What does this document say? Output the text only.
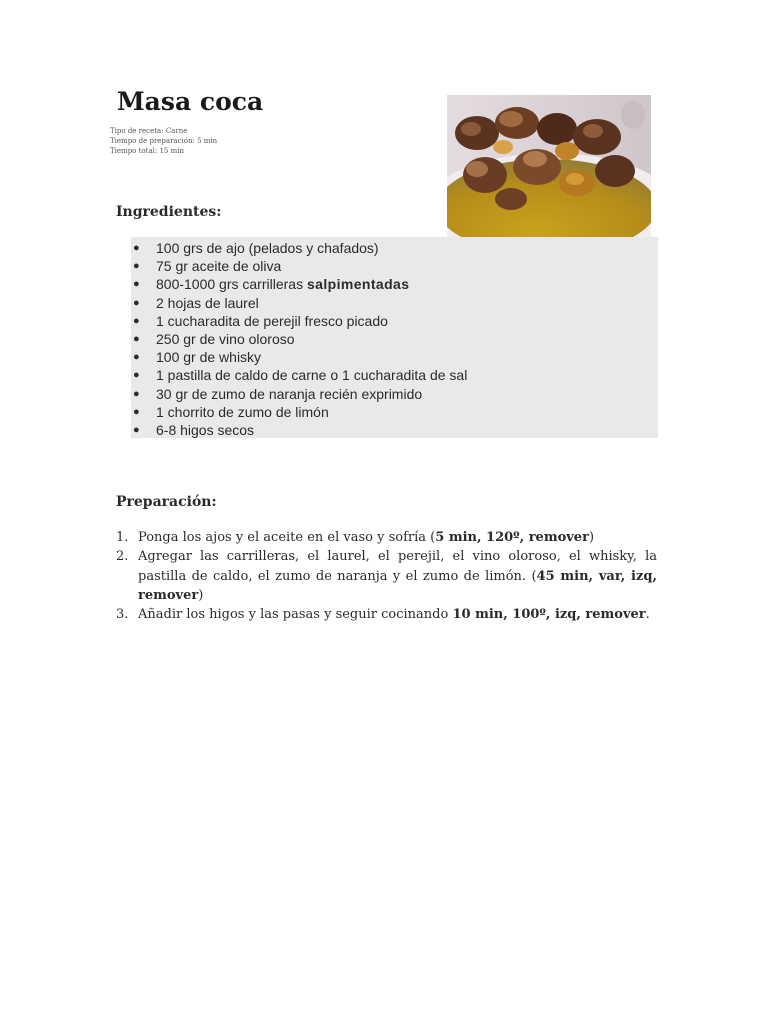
Masa coca
Tipo de receta: Carne
Tiempo de preparación: 5 min
Tiempo total: 15 min
Ingredientes:
● 100 grs de ajo (pelados y chafados)
● 75 gr aceite de oliva
● 800-1000 grs carrilleras salpimentadas
● 2 hojas de laurel
● 1 cucharadita de perejil fresco picado
● 250 gr de vino oloroso
● 100 gr de whisky
● 1 pastilla de caldo de carne o 1 cucharadita de sal
● 30 gr de zumo de naranja recién exprimido
● 1 chorrito de zumo de limón
● 6-8 higos secos
Preparación:
1. Ponga los ajos y el aceite en el vaso y sofría (5 min, 120º, remover)
2. Agregar las carrilleras, el laurel, el perejil, el vino oloroso, el whisky, la pastilla de caldo, el zumo de naranja y el zumo de limón. (45 min, var, izq, remover)
3. Añadir los higos y las pasas y seguir cocinando 10 min, 100º, izq, remover.
